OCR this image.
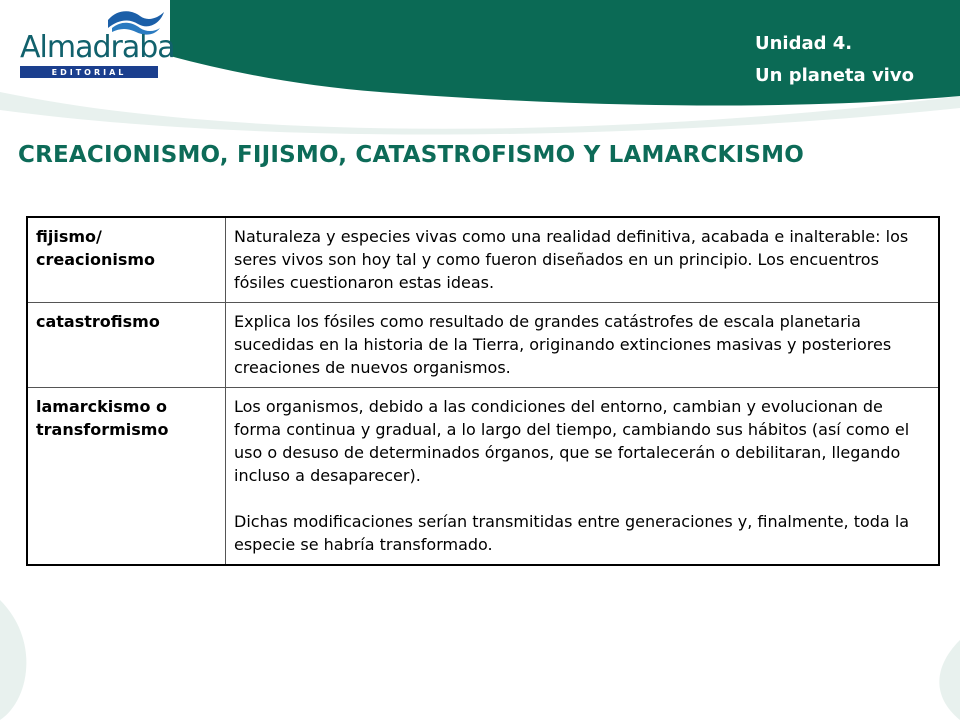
Almadraba
EDITORIAL
Unidad 4.
Un planeta vivo
CREACIONISMO, FIJISMO, CATASTROFISMO Y LAMARCKISMO
fijismo/ creacionismo	Naturaleza y especies vivas como una realidad definitiva, acabada e inalterable: los seres vivos son hoy tal y como fueron diseñados en un principio. Los encuentros fósiles cuestionaron estas ideas.

catastrofismo	Explica los fósiles como resultado de grandes catástrofes de escala planetaria sucedidas en la historia de la Tierra, originando extinciones masivas y posteriores creaciones de nuevos organismos.

lamarckismo o transformismo	Los organismos, debido a las condiciones del entorno, cambian y evolucionan de forma continua y gradual, a lo largo del tiempo, cambiando sus hábitos (así como el uso o desuso de determinados órganos, que se fortalecerán o debilitaran, llegando incluso a desaparecer).

Dichas modificaciones serían transmitidas entre generaciones y, finalmente, toda la especie se habría transformado.
